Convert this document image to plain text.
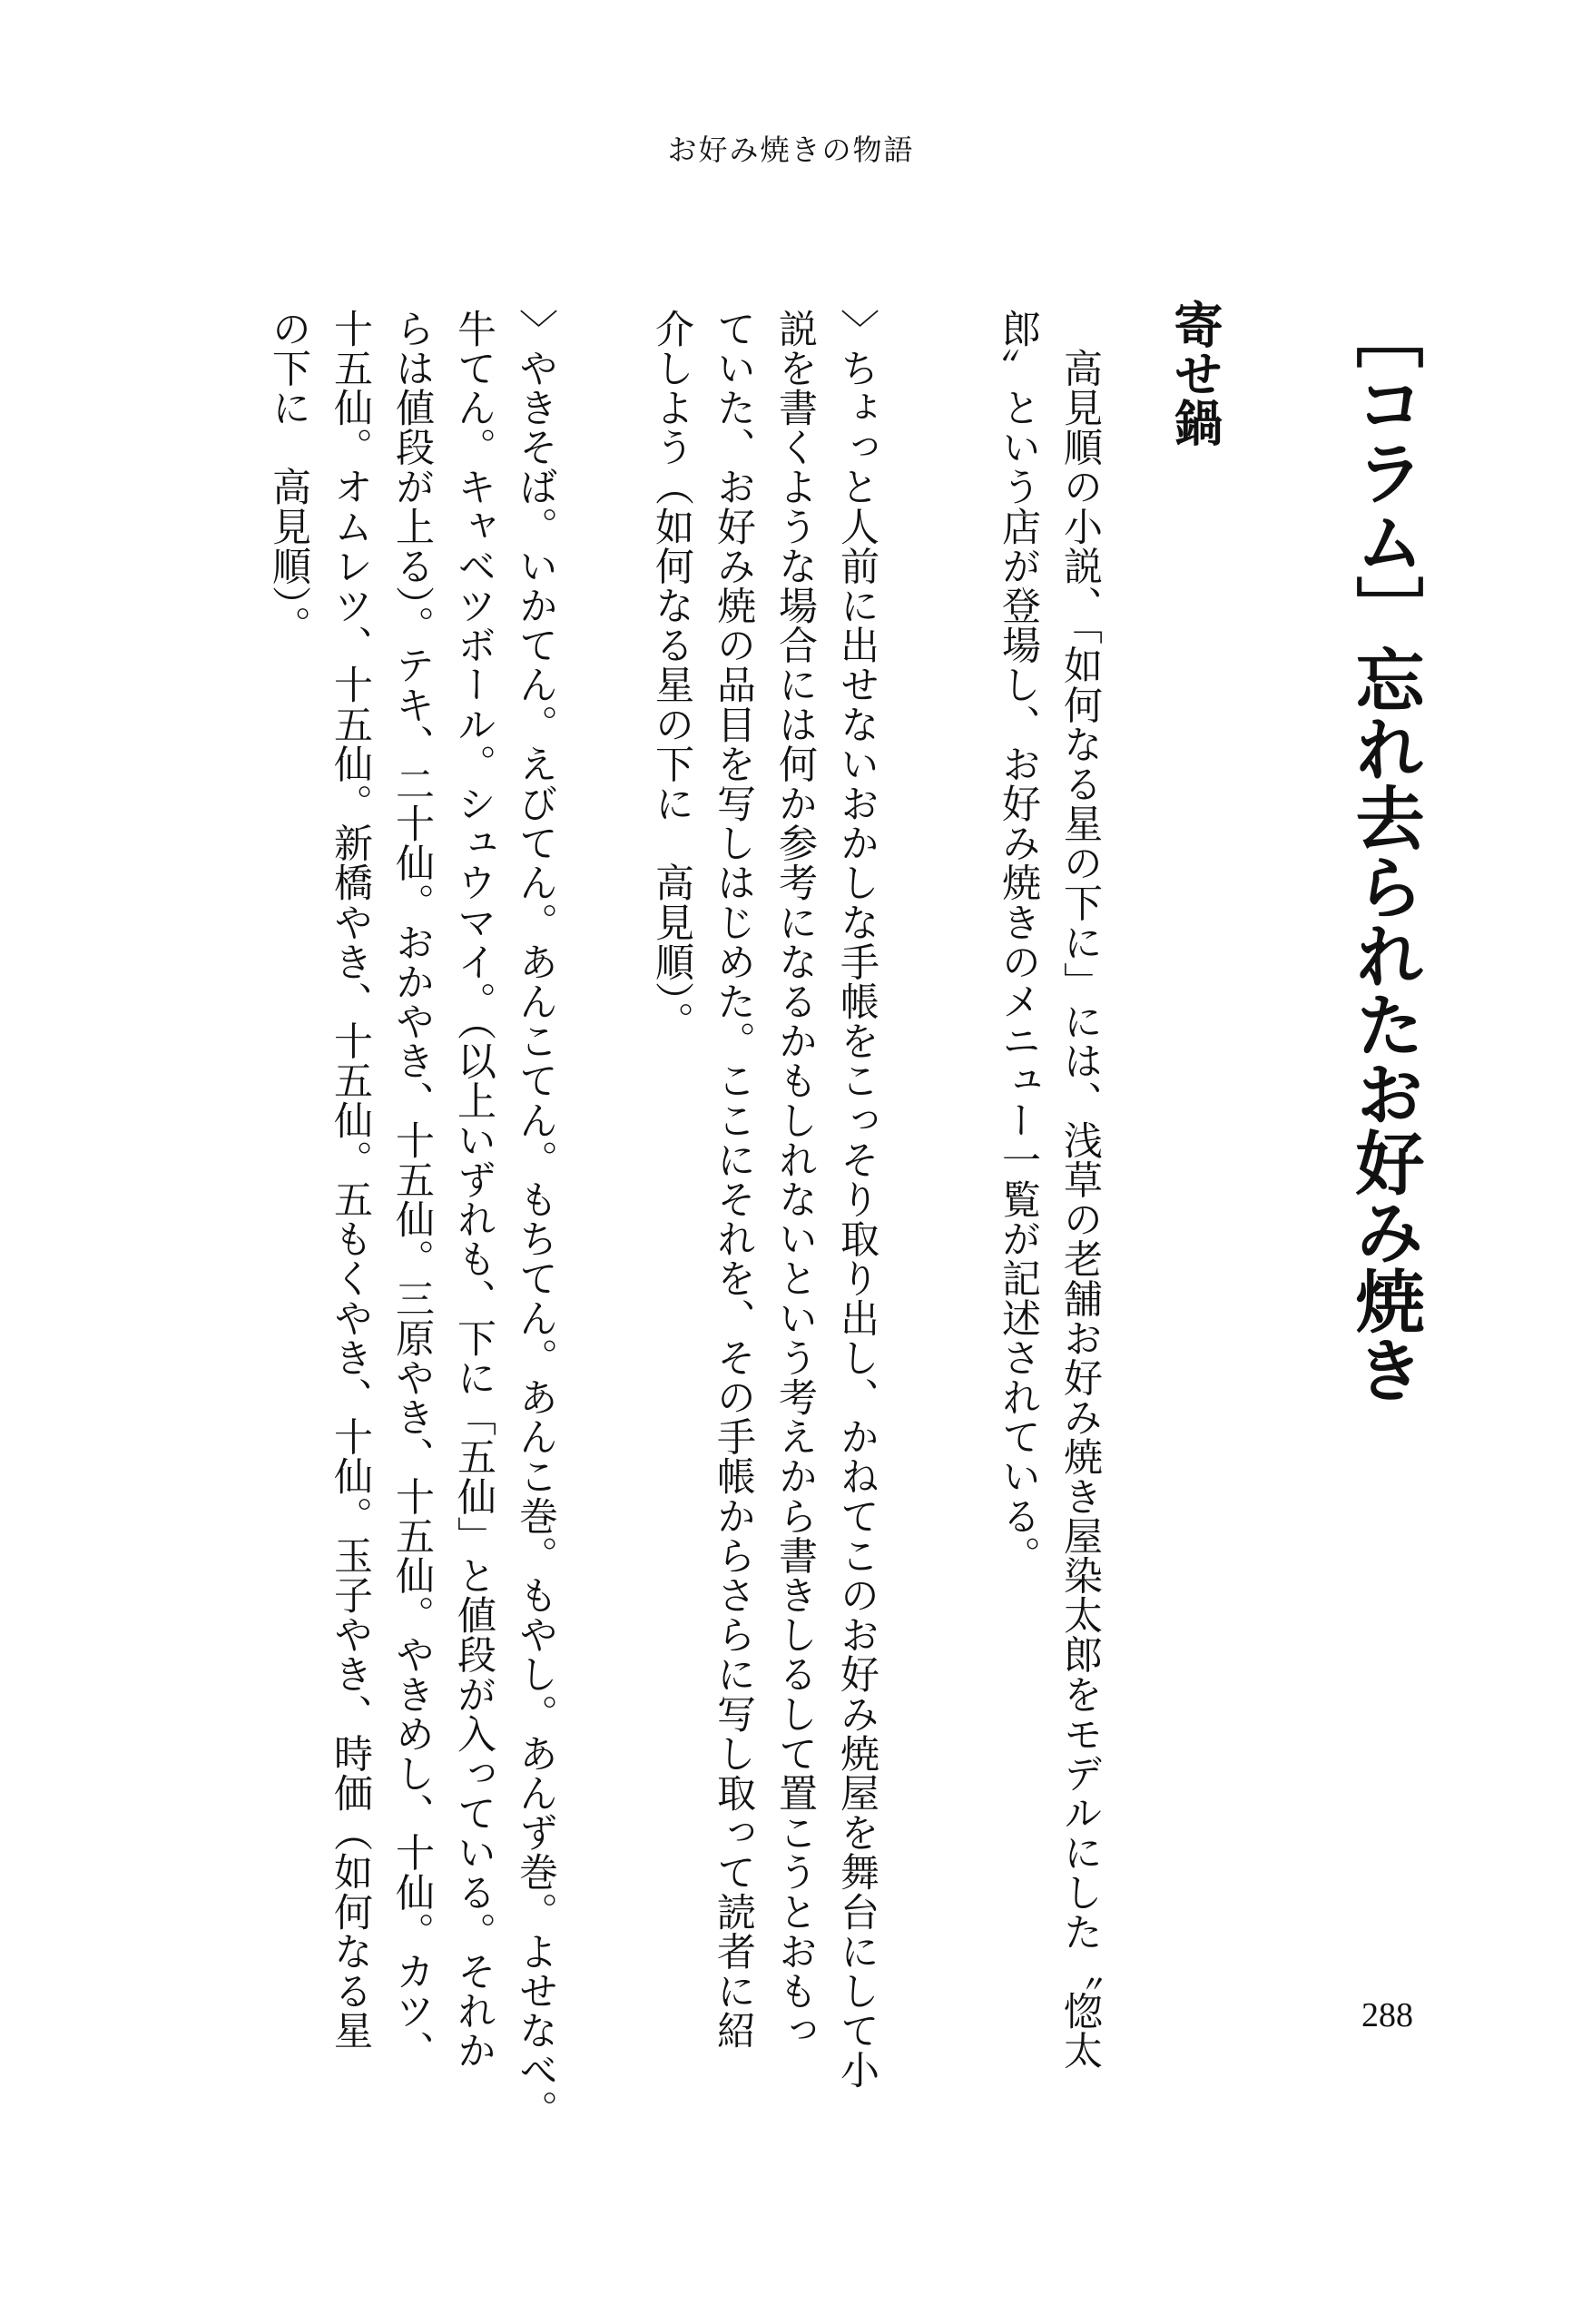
お好み焼きの物語
［コラム］忘れ去られたお好み焼き
寄せ鍋
　高見順の小説、「如何なる星の下に」には、浅草の老舗お好み焼き屋染太郎をモデルにした〝惚太
郎〟という店が登場し、お好み焼きのメニュー一覧が記述されている。
〉ちょっと人前に出せないおかしな手帳をこっそり取り出し、かねてこのお好み焼屋を舞台にして小
説を書くような場合には何か参考になるかもしれないという考えから書きしるして置こうとおもっ
ていた、お好み焼の品目を写しはじめた。ここにそれを、その手帳からさらに写し取って読者に紹
介しよう（如何なる星の下に　高見順）。
〉やきそば。いかてん。えびてん。あんこてん。もちてん。あんこ巻。もやし。あんず巻。よせなべ。
牛てん。キャベツボール。シュウマイ。（以上いずれも、下に「五仙」と値段が入っている。それか
らは値段が上る）。テキ、二十仙。おかやき、十五仙。三原やき、十五仙。やきめし、十仙。カツ、
十五仙。オムレツ、十五仙。新橋やき、十五仙。五もくやき、十仙。玉子やき、時価（如何なる星
の下に　高見順）。
288
